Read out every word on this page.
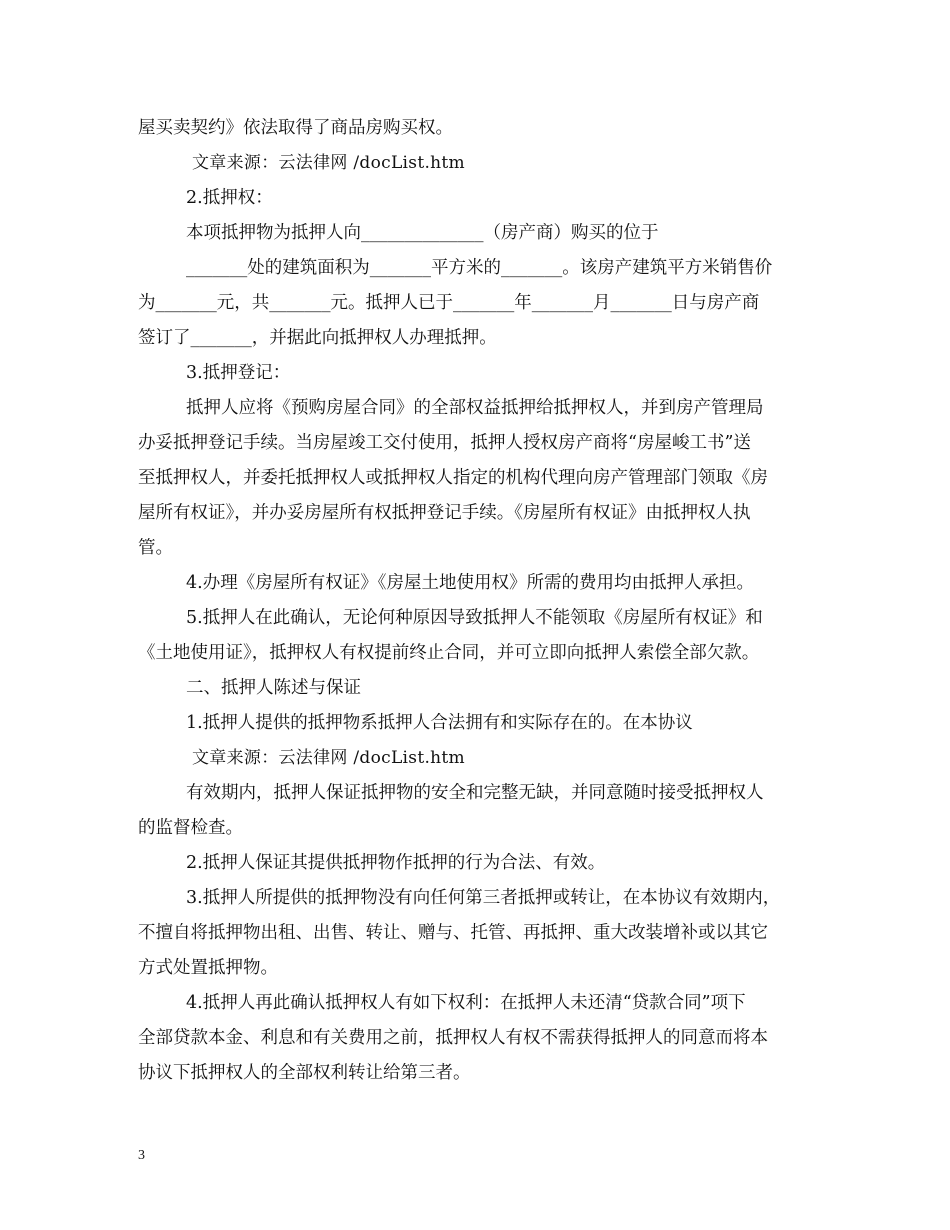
屋买卖契约》依法取得了商品房购买权。
文章来源：云法律网 /docList.htm
2.抵押权：
本项抵押物为抵押人向______________（房产商）购买的位于
_______处的建筑面积为_______平方米的_______。该房产建筑平方米销售价
为_______元，共_______元。抵押人已于_______年_______月_______日与房产商
签订了_______，并据此向抵押权人办理抵押。
3.抵押登记：
抵押人应将《预购房屋合同》的全部权益抵押给抵押权人，并到房产管理局
办妥抵押登记手续。当房屋竣工交付使用，抵押人授权房产商将“房屋峻工书”送
至抵押权人，并委托抵押权人或抵押权人指定的机构代理向房产管理部门领取《房
屋所有权证》，并办妥房屋所有权抵押登记手续。《房屋所有权证》由抵押权人执
管。
4.办理《房屋所有权证》《房屋土地使用权》所需的费用均由抵押人承担。
5.抵押人在此确认，无论何种原因导致抵押人不能领取《房屋所有权证》和
《土地使用证》，抵押权人有权提前终止合同，并可立即向抵押人索偿全部欠款。
二、抵押人陈述与保证
1.抵押人提供的抵押物系抵押人合法拥有和实际存在的。在本协议
文章来源：云法律网 /docList.htm
有效期内，抵押人保证抵押物的安全和完整无缺，并同意随时接受抵押权人
的监督检查。
2.抵押人保证其提供抵押物作抵押的行为合法、有效。
3.抵押人所提供的抵押物没有向任何第三者抵押或转让，在本协议有效期内，
不擅自将抵押物出租、出售、转让、赠与、托管、再抵押、重大改装增补或以其它
方式处置抵押物。
4.抵押人再此确认抵押权人有如下权利：在抵押人未还清“贷款合同”项下
全部贷款本金、利息和有关费用之前，抵押权人有权不需获得抵押人的同意而将本
协议下抵押权人的全部权利转让给第三者。
3
